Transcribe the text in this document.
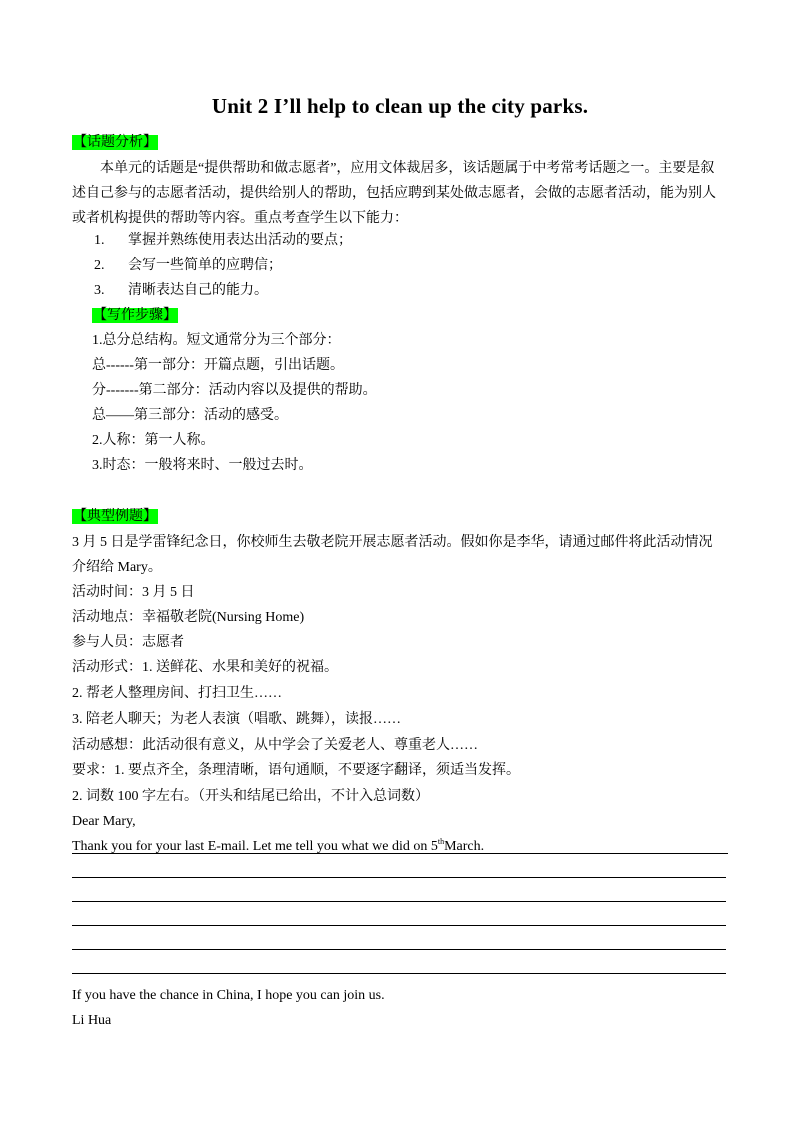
Unit 2 I’ll help to clean up the city parks.
【话题分析】
本单元的话题是“提供帮助和做志愿者”，应用文体裁居多，该话题属于中考常考话题之一。主要是叙述自己参与的志愿者活动，提供给别人的帮助，包括应聘到某处做志愿者，会做的志愿者活动，能为别人或者机构提供的帮助等内容。重点考查学生以下能力：
1. 掌握并熟练使用表达出活动的要点；
2. 会写一些简单的应聘信；
3. 清晰表达自己的能力。
【写作步骤】
1.总分总结构。短文通常分为三个部分：
总------第一部分：开篇点题，引出话题。
分-------第二部分：活动内容以及提供的帮助。
总——第三部分：活动的感受。
2.人称：第一人称。
3.时态：一般将来时、一般过去时。
【典型例题】
3 月 5 日是学雷锋纪念日，你校师生去敬老院开展志愿者活动。假如你是李华，请通过邮件将此活动情况
介绍给 Mary。
活动时间：3 月 5 日
活动地点：幸福敬老院(Nursing Home)
参与人员：志愿者
活动形式：1. 送鲜花、水果和美好的祝福。
2. 帮老人整理房间、打扫卫生……
3. 陪老人聊天；为老人表演（唱歌、跳舞），读报……
活动感想：此活动很有意义，从中学会了关爱老人、尊重老人……
要求：1. 要点齐全，条理清晰，语句通顺，不要逐字翻译，须适当发挥。
2. 词数 100 字左右。（开头和结尾已给出，不计入总词数）
Dear Mary,
Thank you for your last E-mail. Let me tell you what we did on 5thMarch.
If you have the chance in China, I hope you can join us.
Li Hua
